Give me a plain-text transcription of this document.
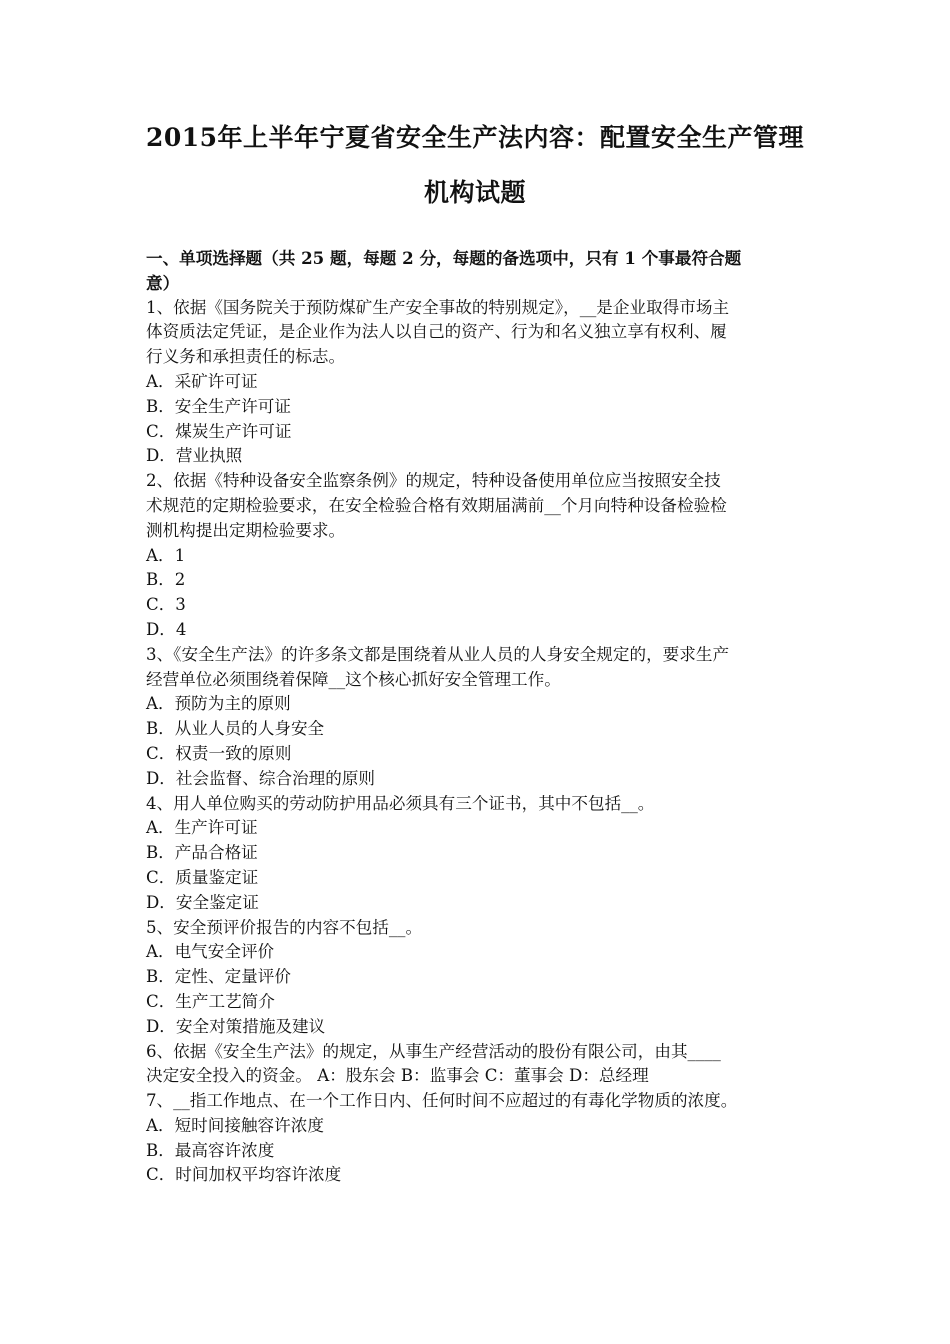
2015年上半年宁夏省安全生产法内容：配置安全生产管理
机构试题
一、单项选择题（共 25 题，每题 2 分，每题的备选项中，只有 1 个事最符合题
意）
1、依据《国务院关于预防煤矿生产安全事故的特别规定》，__是企业取得市场主
体资质法定凭证，是企业作为法人以自己的资产、行为和名义独立享有权利、履
行义务和承担责任的标志。
A．采矿许可证
B．安全生产许可证
C．煤炭生产许可证
D．营业执照
2、依据《特种设备安全监察条例》的规定，特种设备使用单位应当按照安全技
术规范的定期检验要求，在安全检验合格有效期届满前__个月向特种设备检验检
测机构提出定期检验要求。
A．1
B．2
C．3
D．4
3、《安全生产法》的许多条文都是围绕着从业人员的人身安全规定的，要求生产
经营单位必须围绕着保障__这个核心抓好安全管理工作。
A．预防为主的原则
B．从业人员的人身安全
C．权责一致的原则
D．社会监督、综合治理的原则
4、用人单位购买的劳动防护用品必须具有三个证书，其中不包括__。
A．生产许可证
B．产品合格证
C．质量鉴定证
D．安全鉴定证
5、安全预评价报告的内容不包括__。
A．电气安全评价
B．定性、定量评价
C．生产工艺简介
D．安全对策措施及建议
6、依据《安全生产法》的规定，从事生产经营活动的股份有限公司，由其____
决定安全投入的资金。 A：股东会 B：监事会 C：董事会 D：总经理
7、__指工作地点、在一个工作日内、任何时间不应超过的有毒化学物质的浓度。
A．短时间接触容许浓度
B．最高容许浓度
C．时间加权平均容许浓度
